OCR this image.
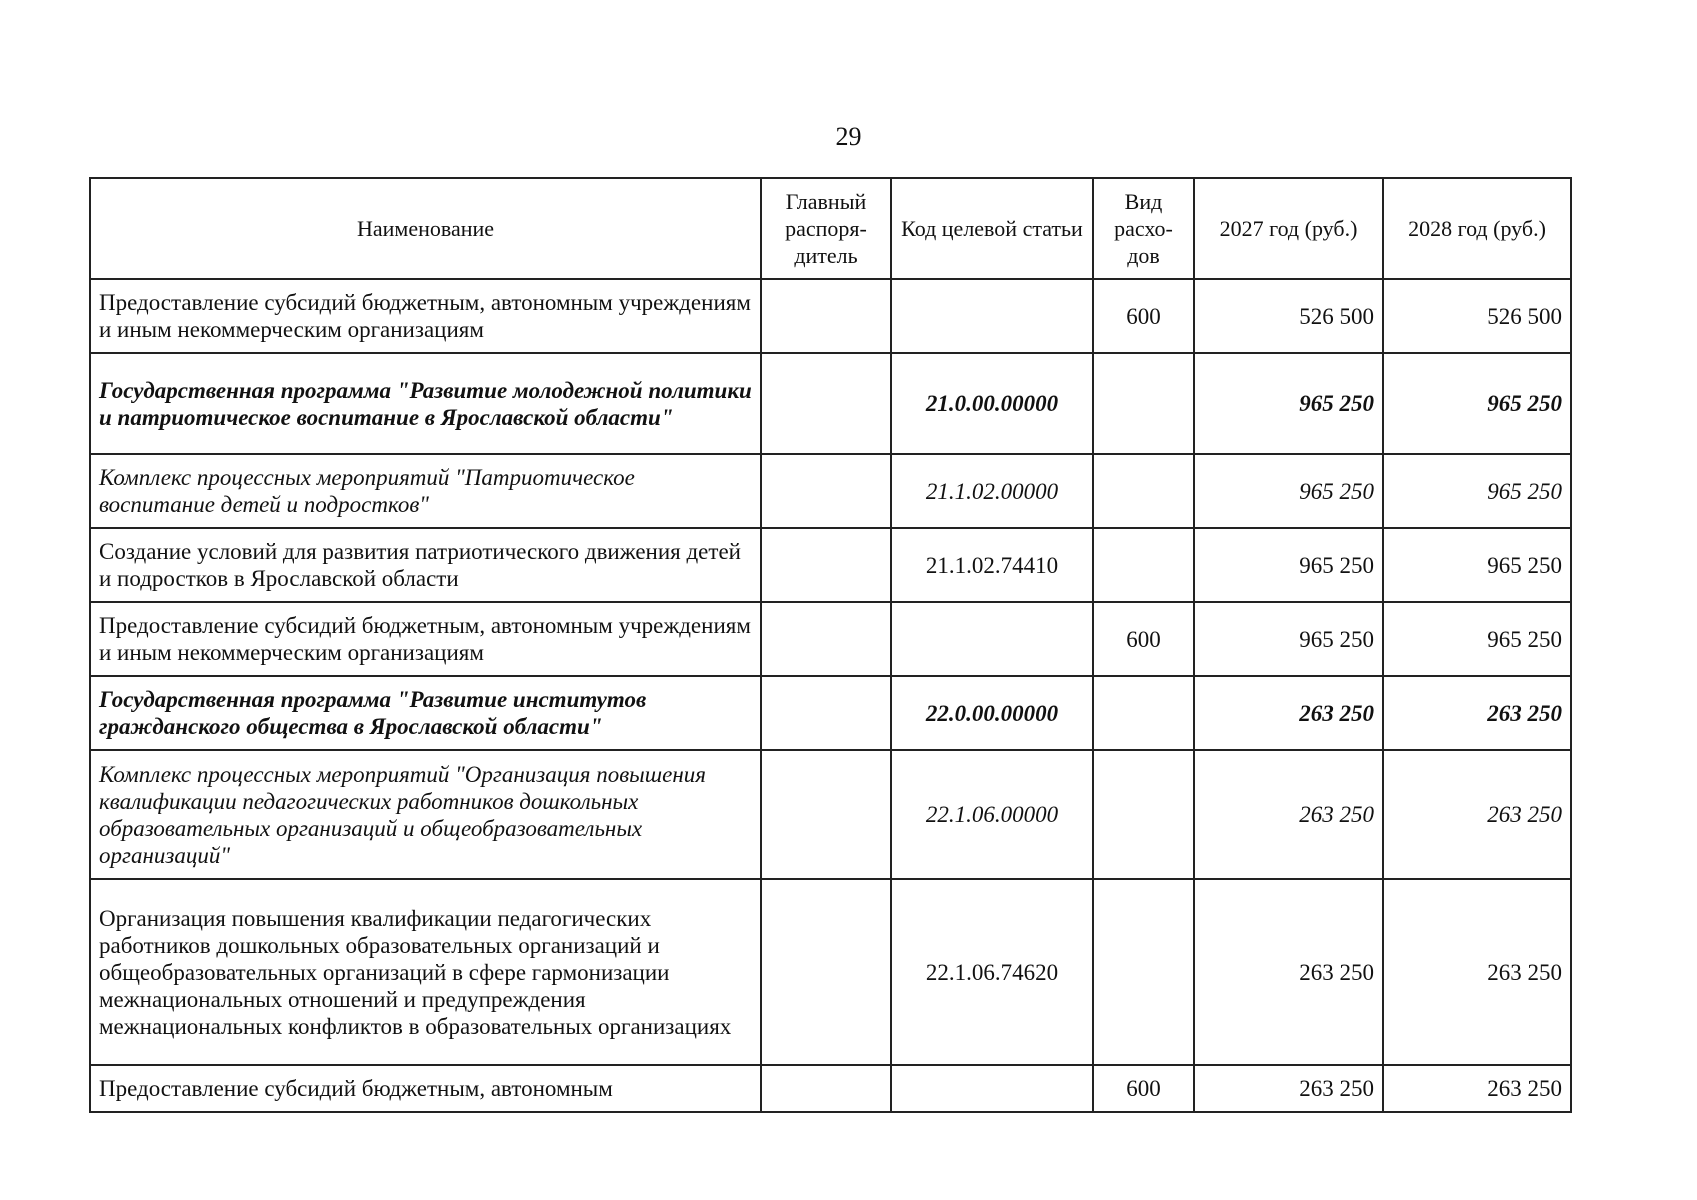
29
Наименование	Главный распоря-дитель	Код целевой статьи	Вид расхо-дов	2027 год (руб.)	2028 год (руб.)
Предоставление субсидий бюджетным, автономным учреждениям и иным некоммерческим организациям			600	526 500	526 500
Государственная программа "Развитие молодежной политики и патриотическое воспитание в Ярославской области"		21.0.00.00000		965 250	965 250
Комплекс процессных мероприятий "Патриотическое воспитание детей и подростков"		21.1.02.00000		965 250	965 250
Создание условий для развития патриотического движения детей и подростков в Ярославской области		21.1.02.74410		965 250	965 250
Предоставление субсидий бюджетным, автономным учреждениям и иным некоммерческим организациям			600	965 250	965 250
Государственная программа "Развитие институтов гражданского общества в Ярославской области"		22.0.00.00000		263 250	263 250
Комплекс процессных мероприятий "Организация повышения квалификации педагогических работников дошкольных образовательных организаций и общеобразовательных организаций"		22.1.06.00000		263 250	263 250
Организация повышения квалификации педагогических работников дошкольных образовательных организаций и общеобразовательных организаций в сфере гармонизации межнациональных отношений и предупреждения межнациональных конфликтов в образовательных организациях		22.1.06.74620		263 250	263 250
Предоставление субсидий бюджетным, автономным			600	263 250	263 250
